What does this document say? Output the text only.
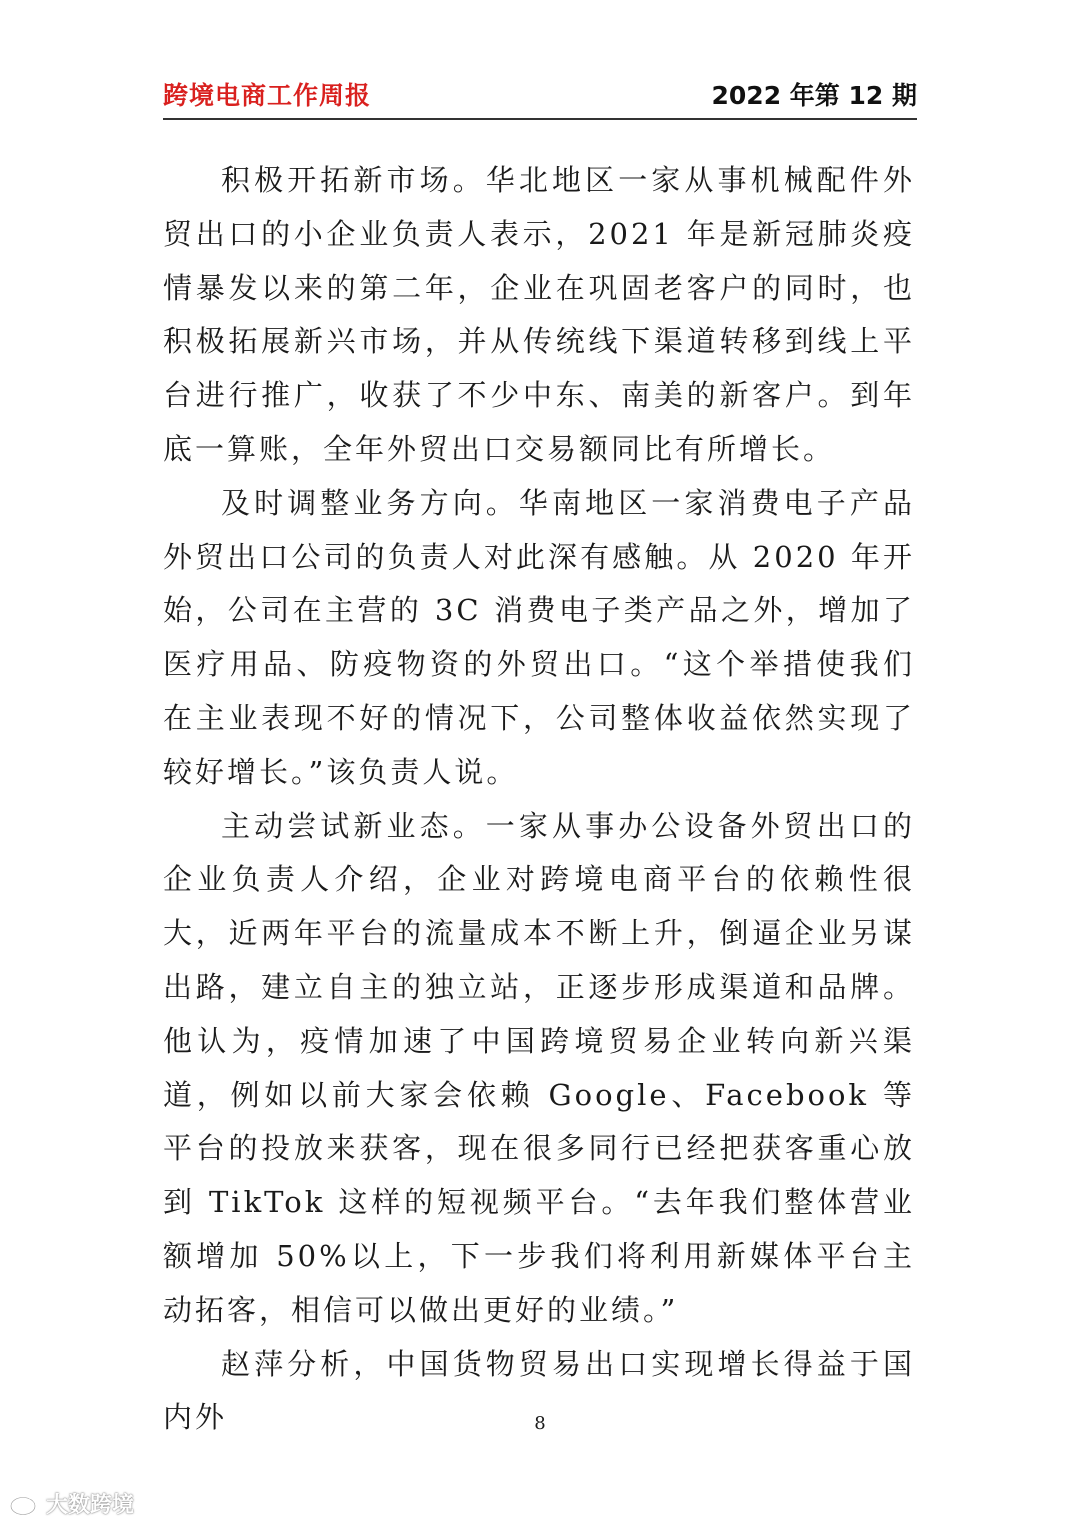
跨境电商工作周报	2022 年第 12 期

积极开拓新市场。华北地区一家从事机械配件外贸出口的小企业负责人表示，2021 年是新冠肺炎疫情暴发以来的第二年，企业在巩固老客户的同时，也积极拓展新兴市场，并从传统线下渠道转移到线上平台进行推广，收获了不少中东、南美的新客户。到年底一算账，全年外贸出口交易额同比有所增长。

及时调整业务方向。华南地区一家消费电子产品外贸出口公司的负责人对此深有感触。从 2020 年开始，公司在主营的 3C 消费电子类产品之外，增加了医疗用品、防疫物资的外贸出口。“这个举措使我们在主业表现不好的情况下，公司整体收益依然实现了较好增长。”该负责人说。

主动尝试新业态。一家从事办公设备外贸出口的企业负责人介绍，企业对跨境电商平台的依赖性很大，近两年平台的流量成本不断上升，倒逼企业另谋出路，建立自主的独立站，正逐步形成渠道和品牌。他认为，疫情加速了中国跨境贸易企业转向新兴渠道，例如以前大家会依赖 Google、Facebook 等平台的投放来获客，现在很多同行已经把获客重心放到 TikTok 这样的短视频平台。“去年我们整体营业额增加 50%以上，下一步我们将利用新媒体平台主动拓客，相信可以做出更好的业绩。”

赵萍分析，中国货物贸易出口实现增长得益于国内外	8
大数跨境
